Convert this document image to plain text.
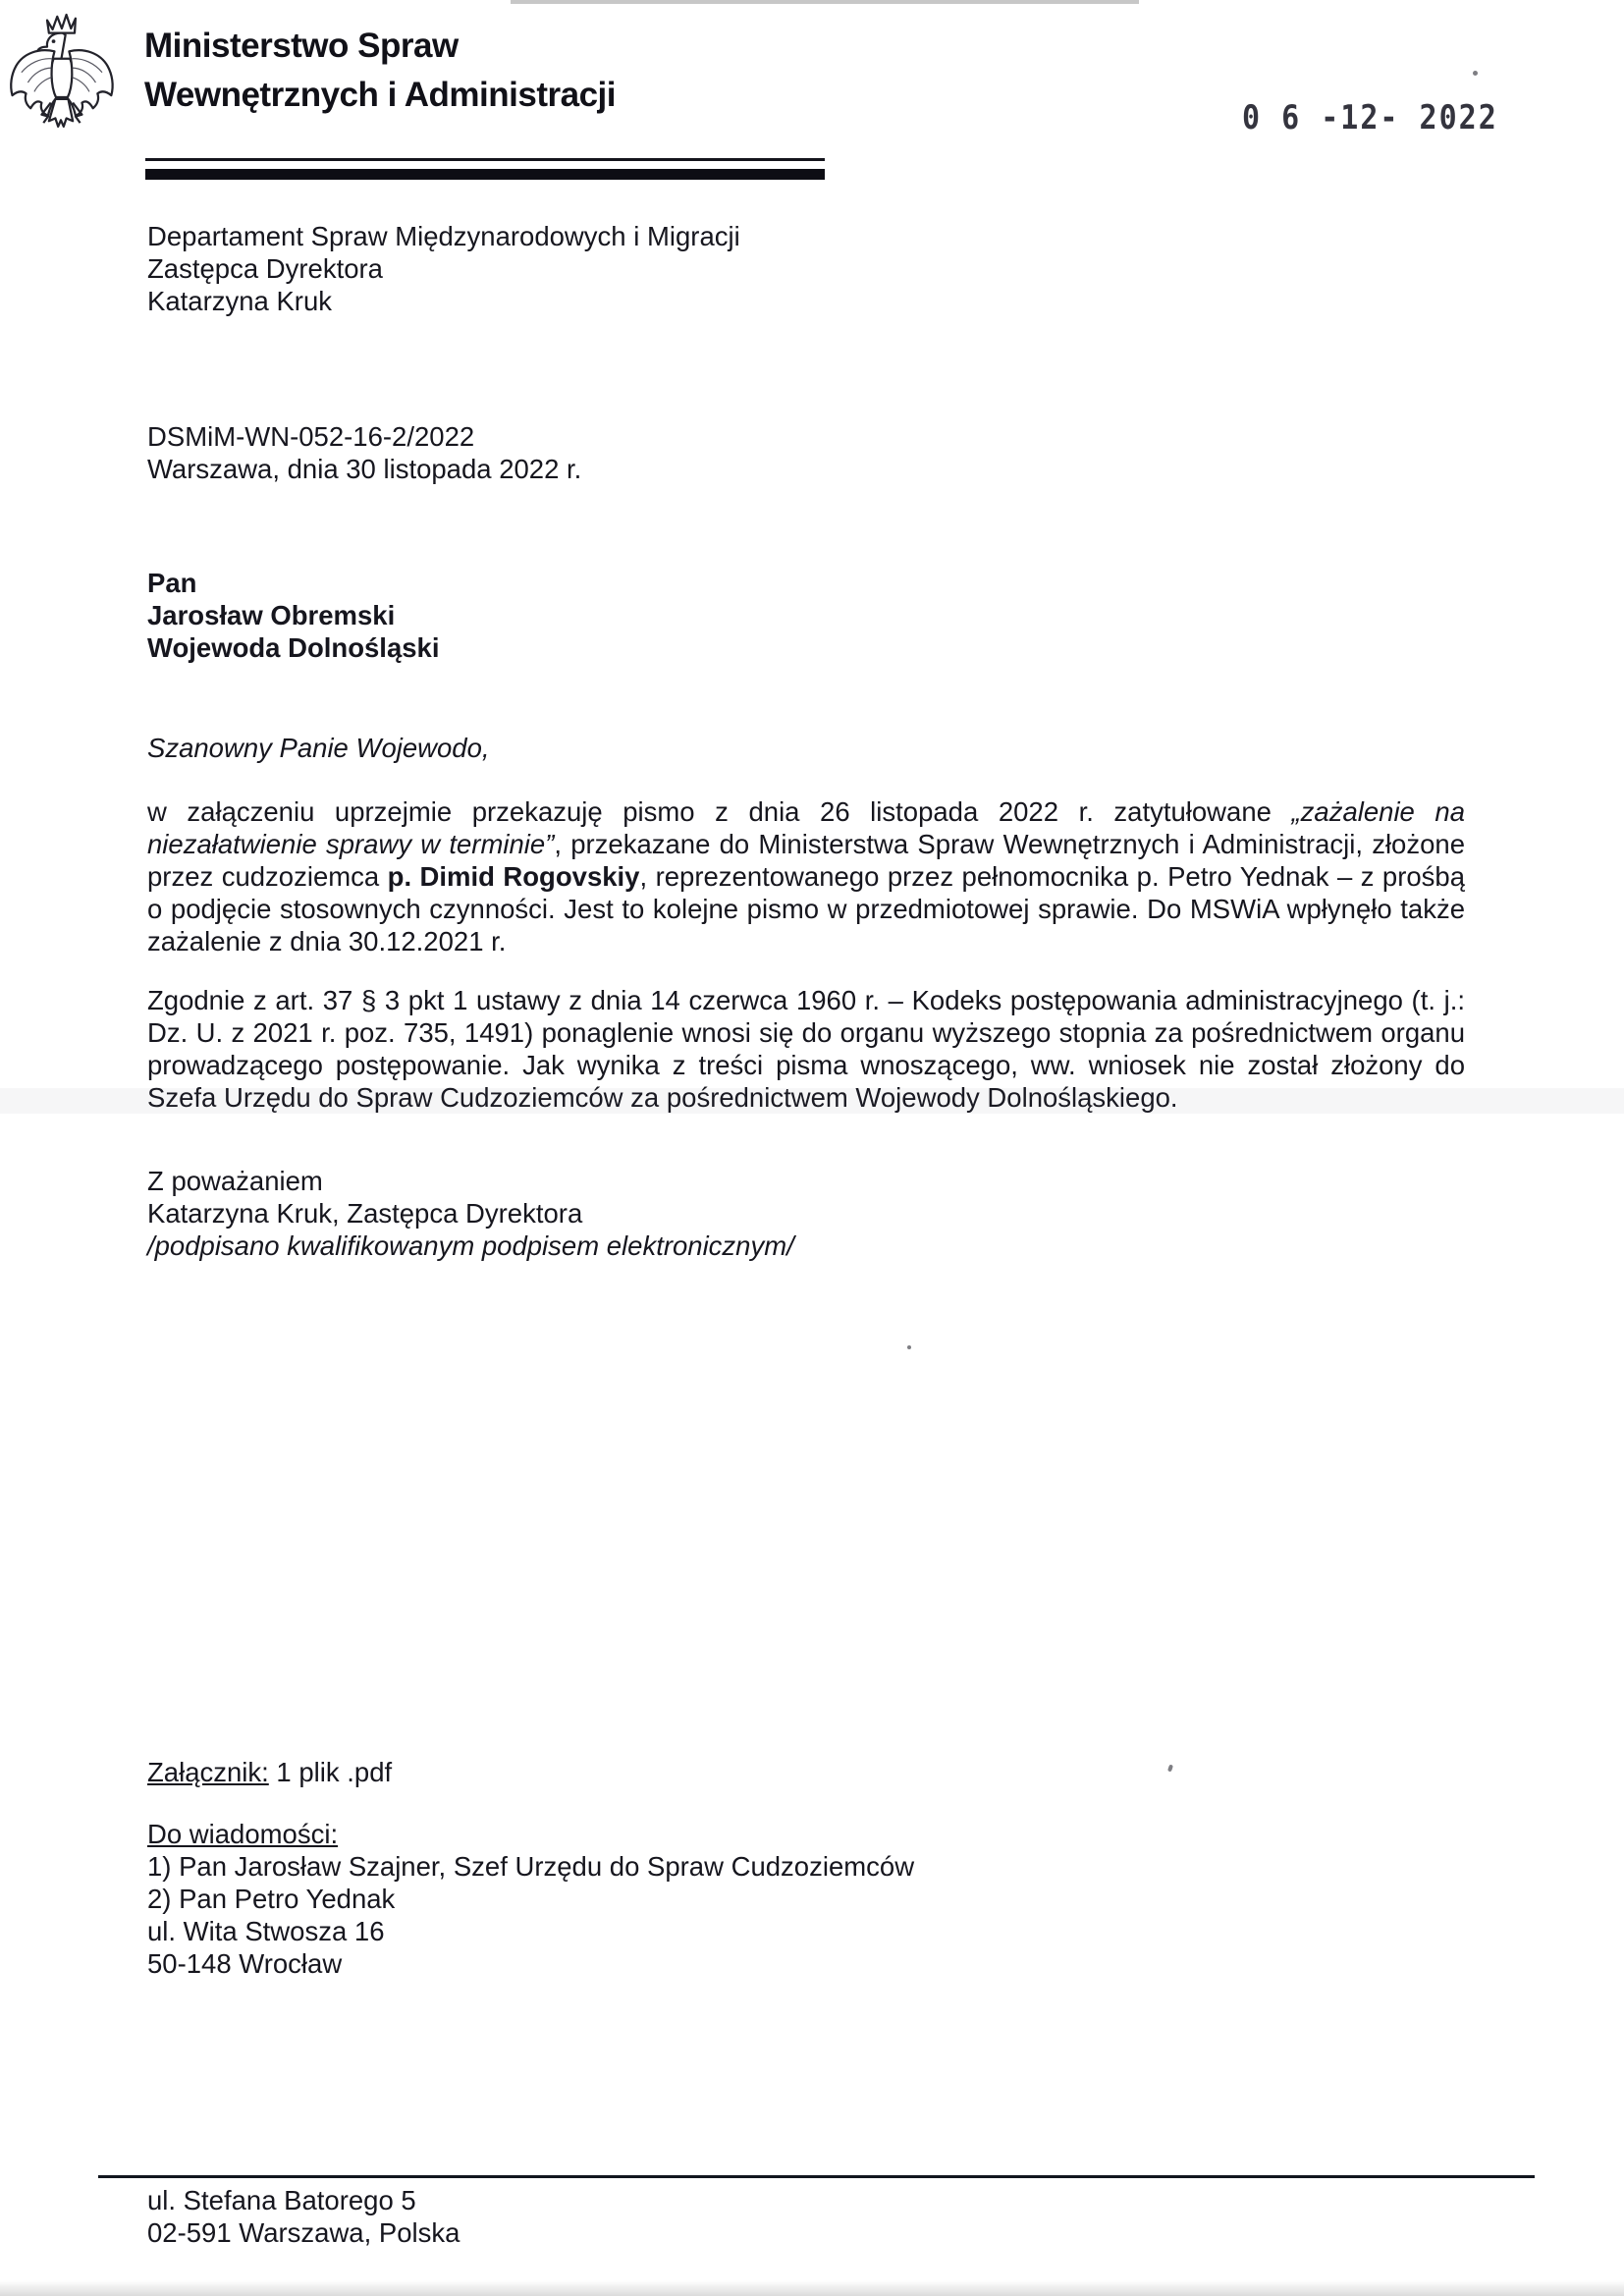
Ministerstwo Spraw
Wewnętrznych i Administracji
0 6 -12- 2022
Departament Spraw Międzynarodowych i Migracji
Zastępca Dyrektora
Katarzyna Kruk
DSMiM-WN-052-16-2/2022
Warszawa, dnia 30 listopada 2022 r.
Pan
Jarosław Obremski
Wojewoda Dolnośląski
Szanowny Panie Wojewodo,
w załączeniu uprzejmie przekazuję pismo z dnia 26 listopada 2022 r. zatytułowane „zażalenie na niezałatwienie sprawy w terminie”, przekazane do Ministerstwa Spraw Wewnętrznych i Administracji, złożone przez cudzoziemca p. Dimid Rogovskiy, reprezentowanego przez pełnomocnika p. Petro Yednak – z prośbą o podjęcie stosownych czynności. Jest to kolejne pismo w przedmiotowej sprawie. Do MSWiA wpłynęło także zażalenie z dnia 30.12.2021 r.
Zgodnie z art. 37 § 3 pkt 1 ustawy z dnia 14 czerwca 1960 r. – Kodeks postępowania administracyjnego (t. j.: Dz. U. z 2021 r. poz. 735, 1491) ponaglenie wnosi się do organu wyższego stopnia za pośrednictwem organu prowadzącego postępowanie. Jak wynika z treści pisma wnoszącego, ww. wniosek nie został złożony do Szefa Urzędu do Spraw Cudzoziemców za pośrednictwem Wojewody Dolnośląskiego.
Z poważaniem
Katarzyna Kruk, Zastępca Dyrektora
/podpisano kwalifikowanym podpisem elektronicznym/
Załącznik: 1 plik .pdf
Do wiadomości:
1) Pan Jarosław Szajner, Szef Urzędu do Spraw Cudzoziemców
2) Pan Petro Yednak
ul. Wita Stwosza 16
50-148 Wrocław
ul. Stefana Batorego 5
02-591 Warszawa, Polska
